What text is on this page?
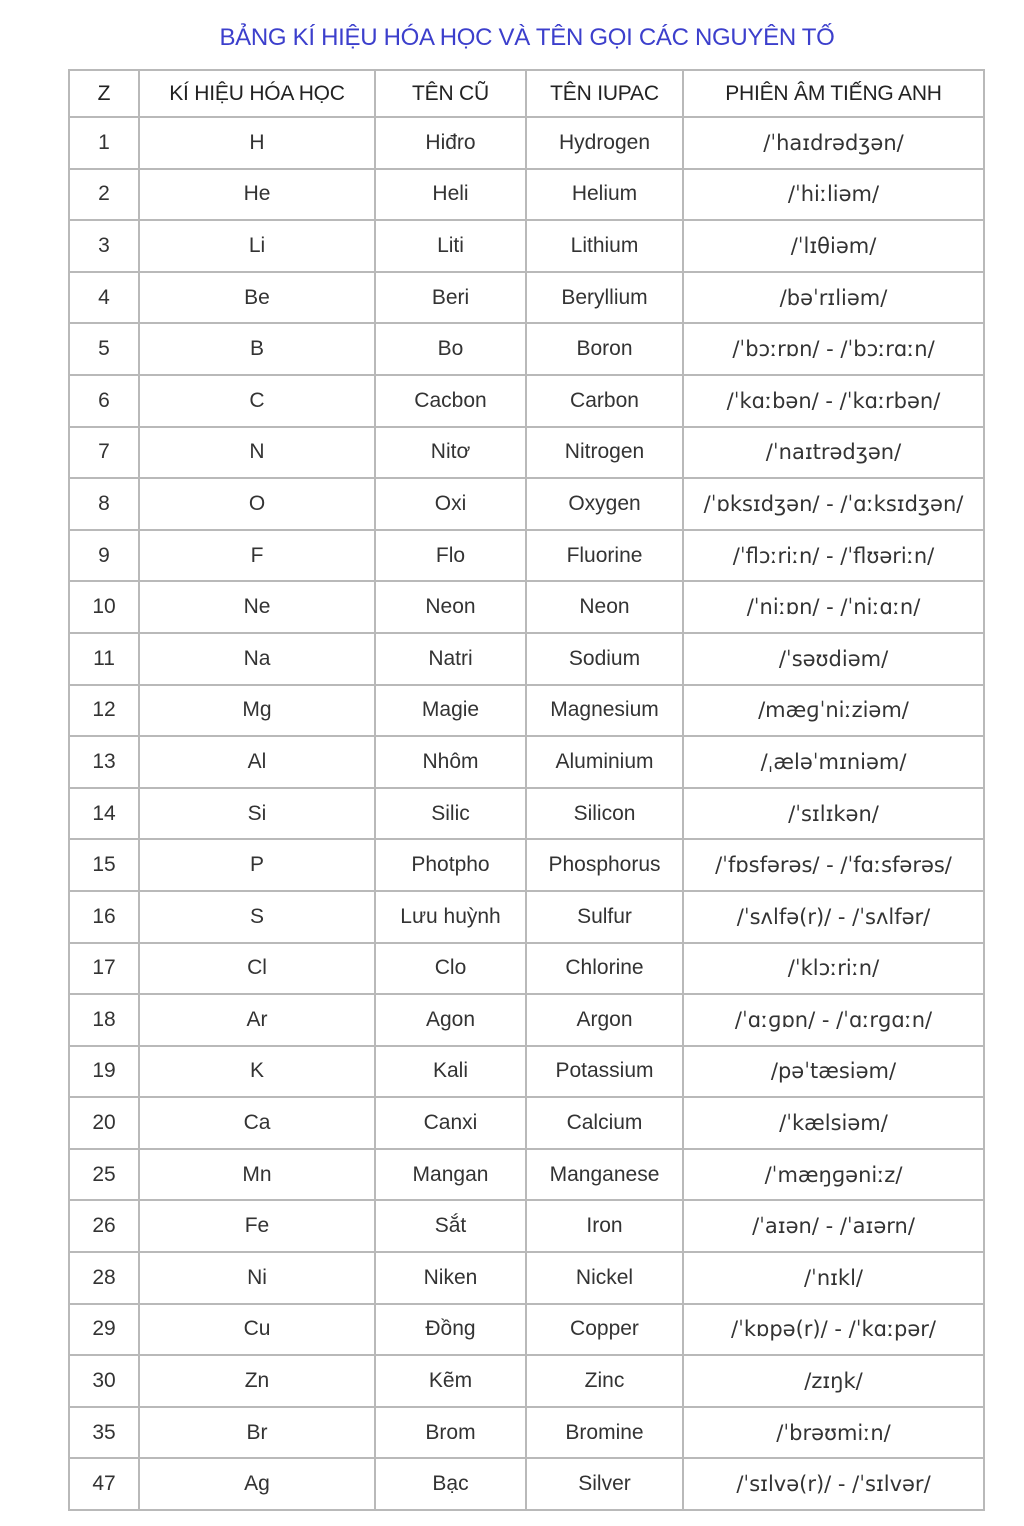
BẢNG KÍ HIỆU HÓA HỌC VÀ TÊN GỌI CÁC NGUYÊN TỐ
Z	KÍ HIỆU HÓA HỌC	TÊN CŨ	TÊN IUPAC	PHIÊN ÂM TIẾNG ANH
1	H	Hiđro	Hydrogen	/ˈhaɪdrədʒən/
2	He	Heli	Helium	/ˈhiːliəm/
3	Li	Liti	Lithium	/ˈlɪθiəm/
4	Be	Beri	Beryllium	/bəˈrɪliəm/
5	B	Bo	Boron	/ˈbɔːrɒn/ - /ˈbɔːrɑːn/
6	C	Cacbon	Carbon	/ˈkɑːbən/ - /ˈkɑːrbən/
7	N	Nitơ	Nitrogen	/ˈnaɪtrədʒən/
8	O	Oxi	Oxygen	/ˈɒksɪdʒən/ - /ˈɑːksɪdʒən/
9	F	Flo	Fluorine	/ˈflɔːriːn/ - /ˈflʊəriːn/
10	Ne	Neon	Neon	/ˈniːɒn/ - /ˈniːɑːn/
11	Na	Natri	Sodium	/ˈsəʊdiəm/
12	Mg	Magie	Magnesium	/mæɡˈniːziəm/
13	Al	Nhôm	Aluminium	/ˌæləˈmɪniəm/
14	Si	Silic	Silicon	/ˈsɪlɪkən/
15	P	Photpho	Phosphorus	/ˈfɒsfərəs/ - /ˈfɑːsfərəs/
16	S	Lưu huỳnh	Sulfur	/ˈsʌlfə(r)/ - /ˈsʌlfər/
17	Cl	Clo	Chlorine	/ˈklɔːriːn/
18	Ar	Agon	Argon	/ˈɑːɡɒn/ - /ˈɑːrɡɑːn/
19	K	Kali	Potassium	/pəˈtæsiəm/
20	Ca	Canxi	Calcium	/ˈkælsiəm/
25	Mn	Mangan	Manganese	/ˈmæŋɡəniːz/
26	Fe	Sắt	Iron	/ˈaɪən/ - /ˈaɪərn/
28	Ni	Niken	Nickel	/ˈnɪkl/
29	Cu	Đồng	Copper	/ˈkɒpə(r)/ - /ˈkɑːpər/
30	Zn	Kẽm	Zinc	/zɪŋk/
35	Br	Brom	Bromine	/ˈbrəʊmiːn/
47	Ag	Bạc	Silver	/ˈsɪlvə(r)/ - /ˈsɪlvər/
